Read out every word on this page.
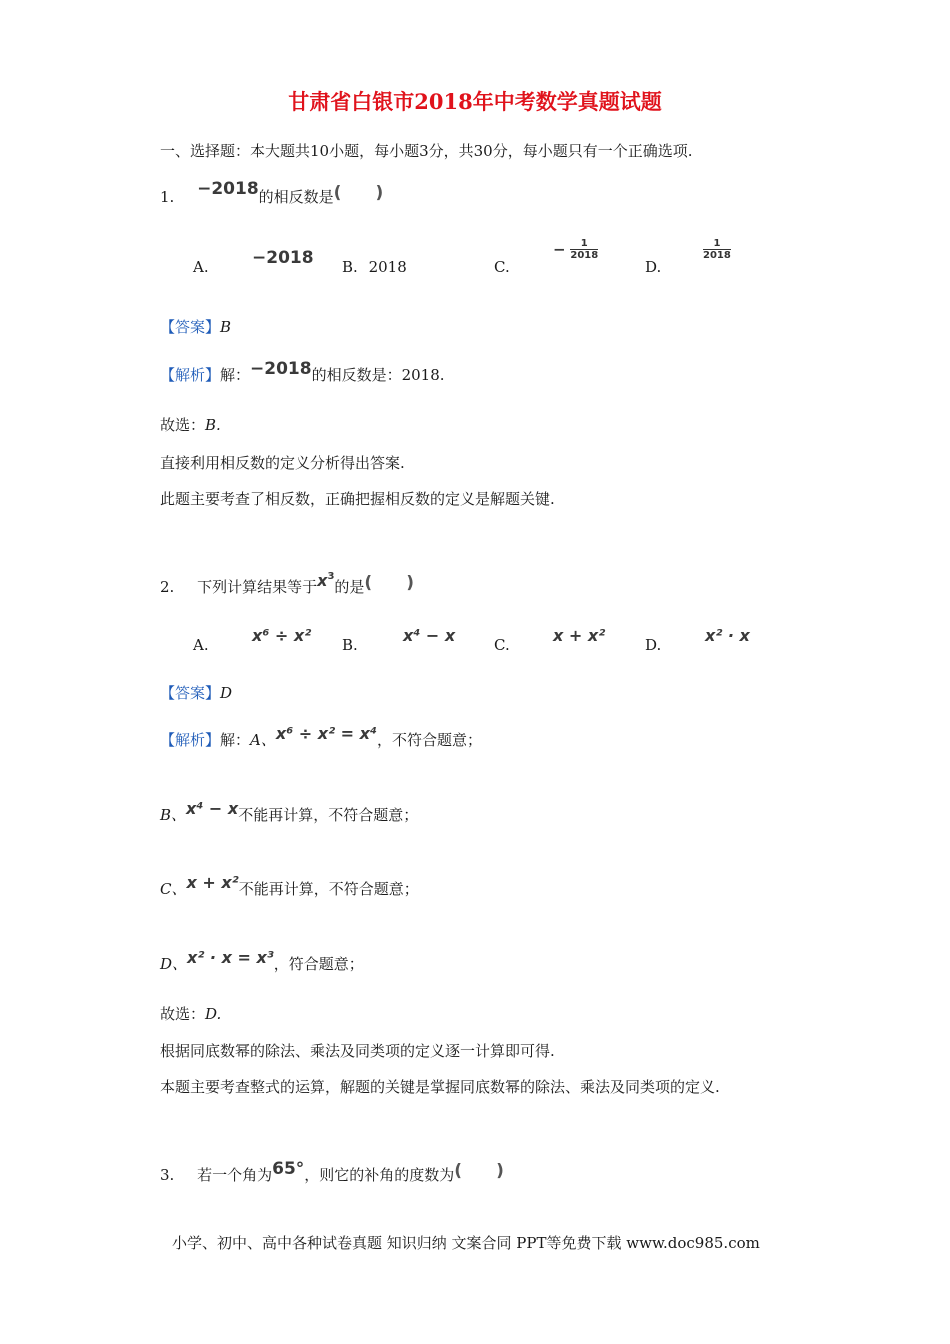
甘肃省白银市2018年中考数学真题试题
一、选择题：本大题共10小题，每小题3分，共30分，每小题只有一个正确选项.
1. −2018的相反数是(  )
A.	−2018 B. 2018	C.
− $\frac{1}{2018}$
D.
$\frac{1}{2018}$
【答案】B
【解析】解：−2018的相反数是：2018.
故选：B.
直接利用相反数的定义分析得出答案.
此题主要考查了相反数，正确把握相反数的定义是解题关键.
2. 下列计算结果等于$x^3$的是(  )
A.	x⁶ ÷ x² B.	x⁴ − x	C.	x + x²	D.	x² · x
【答案】D
【解析】解：A、x⁶ ÷ x² = x⁴，不符合题意；
B、x⁴ − x不能再计算，不符合题意；
C、x + x²不能再计算，不符合题意；
D、x² · x = x³，符合题意；
故选：D.
根据同底数幂的除法、乘法及同类项的定义逐一计算即可得.
本题主要考查整式的运算，解题的关键是掌握同底数幂的除法、乘法及同类项的定义.
3. 若一个角为65°，则它的补角的度数为(  )
小学、初中、高中各种试卷真题 知识归纳 文案合同 PPT等免费下载 www.doc985.com
